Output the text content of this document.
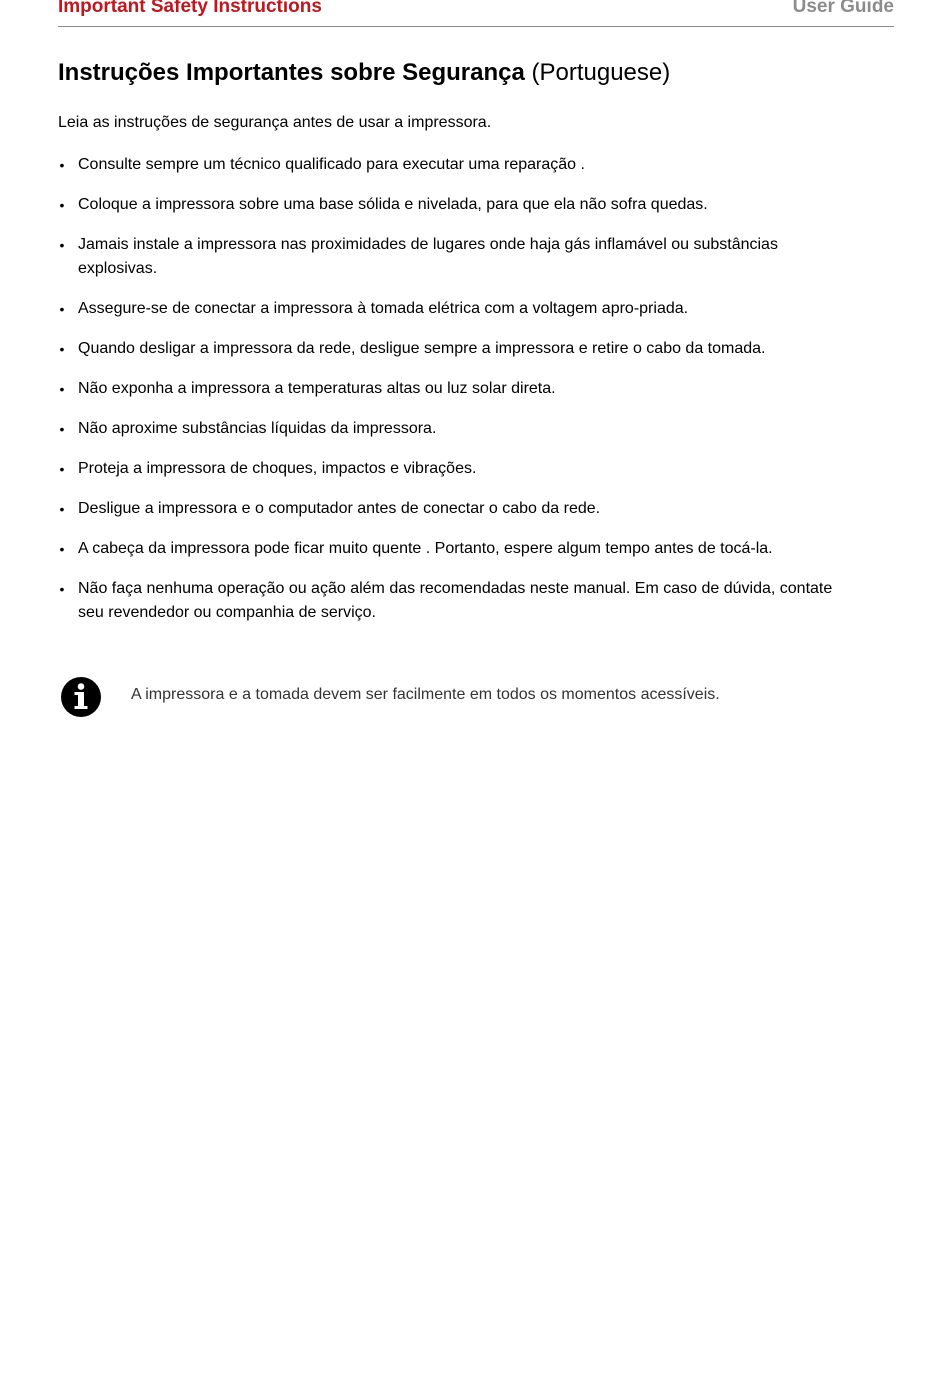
Important Safety Instructions	User Guide
Instruções Importantes sobre Segurança (Portuguese)
Leia as instruções de segurança antes de usar a impressora.
• Consulte sempre um técnico qualificado para executar uma reparação .
• Coloque a impressora sobre uma base sólida e nivelada, para que ela não sofra quedas.
• Jamais instale a impressora nas proximidades de lugares onde haja gás inflamável ou substâncias explosivas.
• Assegure-se de conectar a impressora à tomada elétrica com a voltagem apro-priada.
• Quando desligar a impressora da rede, desligue sempre a impressora e retire o cabo da tomada.
• Não exponha a impressora a temperaturas altas ou luz solar direta.
• Não aproxime substâncias líquidas da impressora.
• Proteja a impressora de choques, impactos e vibrações.
• Desligue a impressora e o computador antes de conectar o cabo da rede.
• A cabeça da impressora pode ficar muito quente . Portanto, espere algum tempo antes de tocá-la.
• Não faça nenhuma operação ou ação além das recomendadas neste manual. Em caso de dúvida, contate seu revendedor ou companhia de serviço.
A impressora e a tomada devem ser facilmente em todos os momentos acessíveis.
